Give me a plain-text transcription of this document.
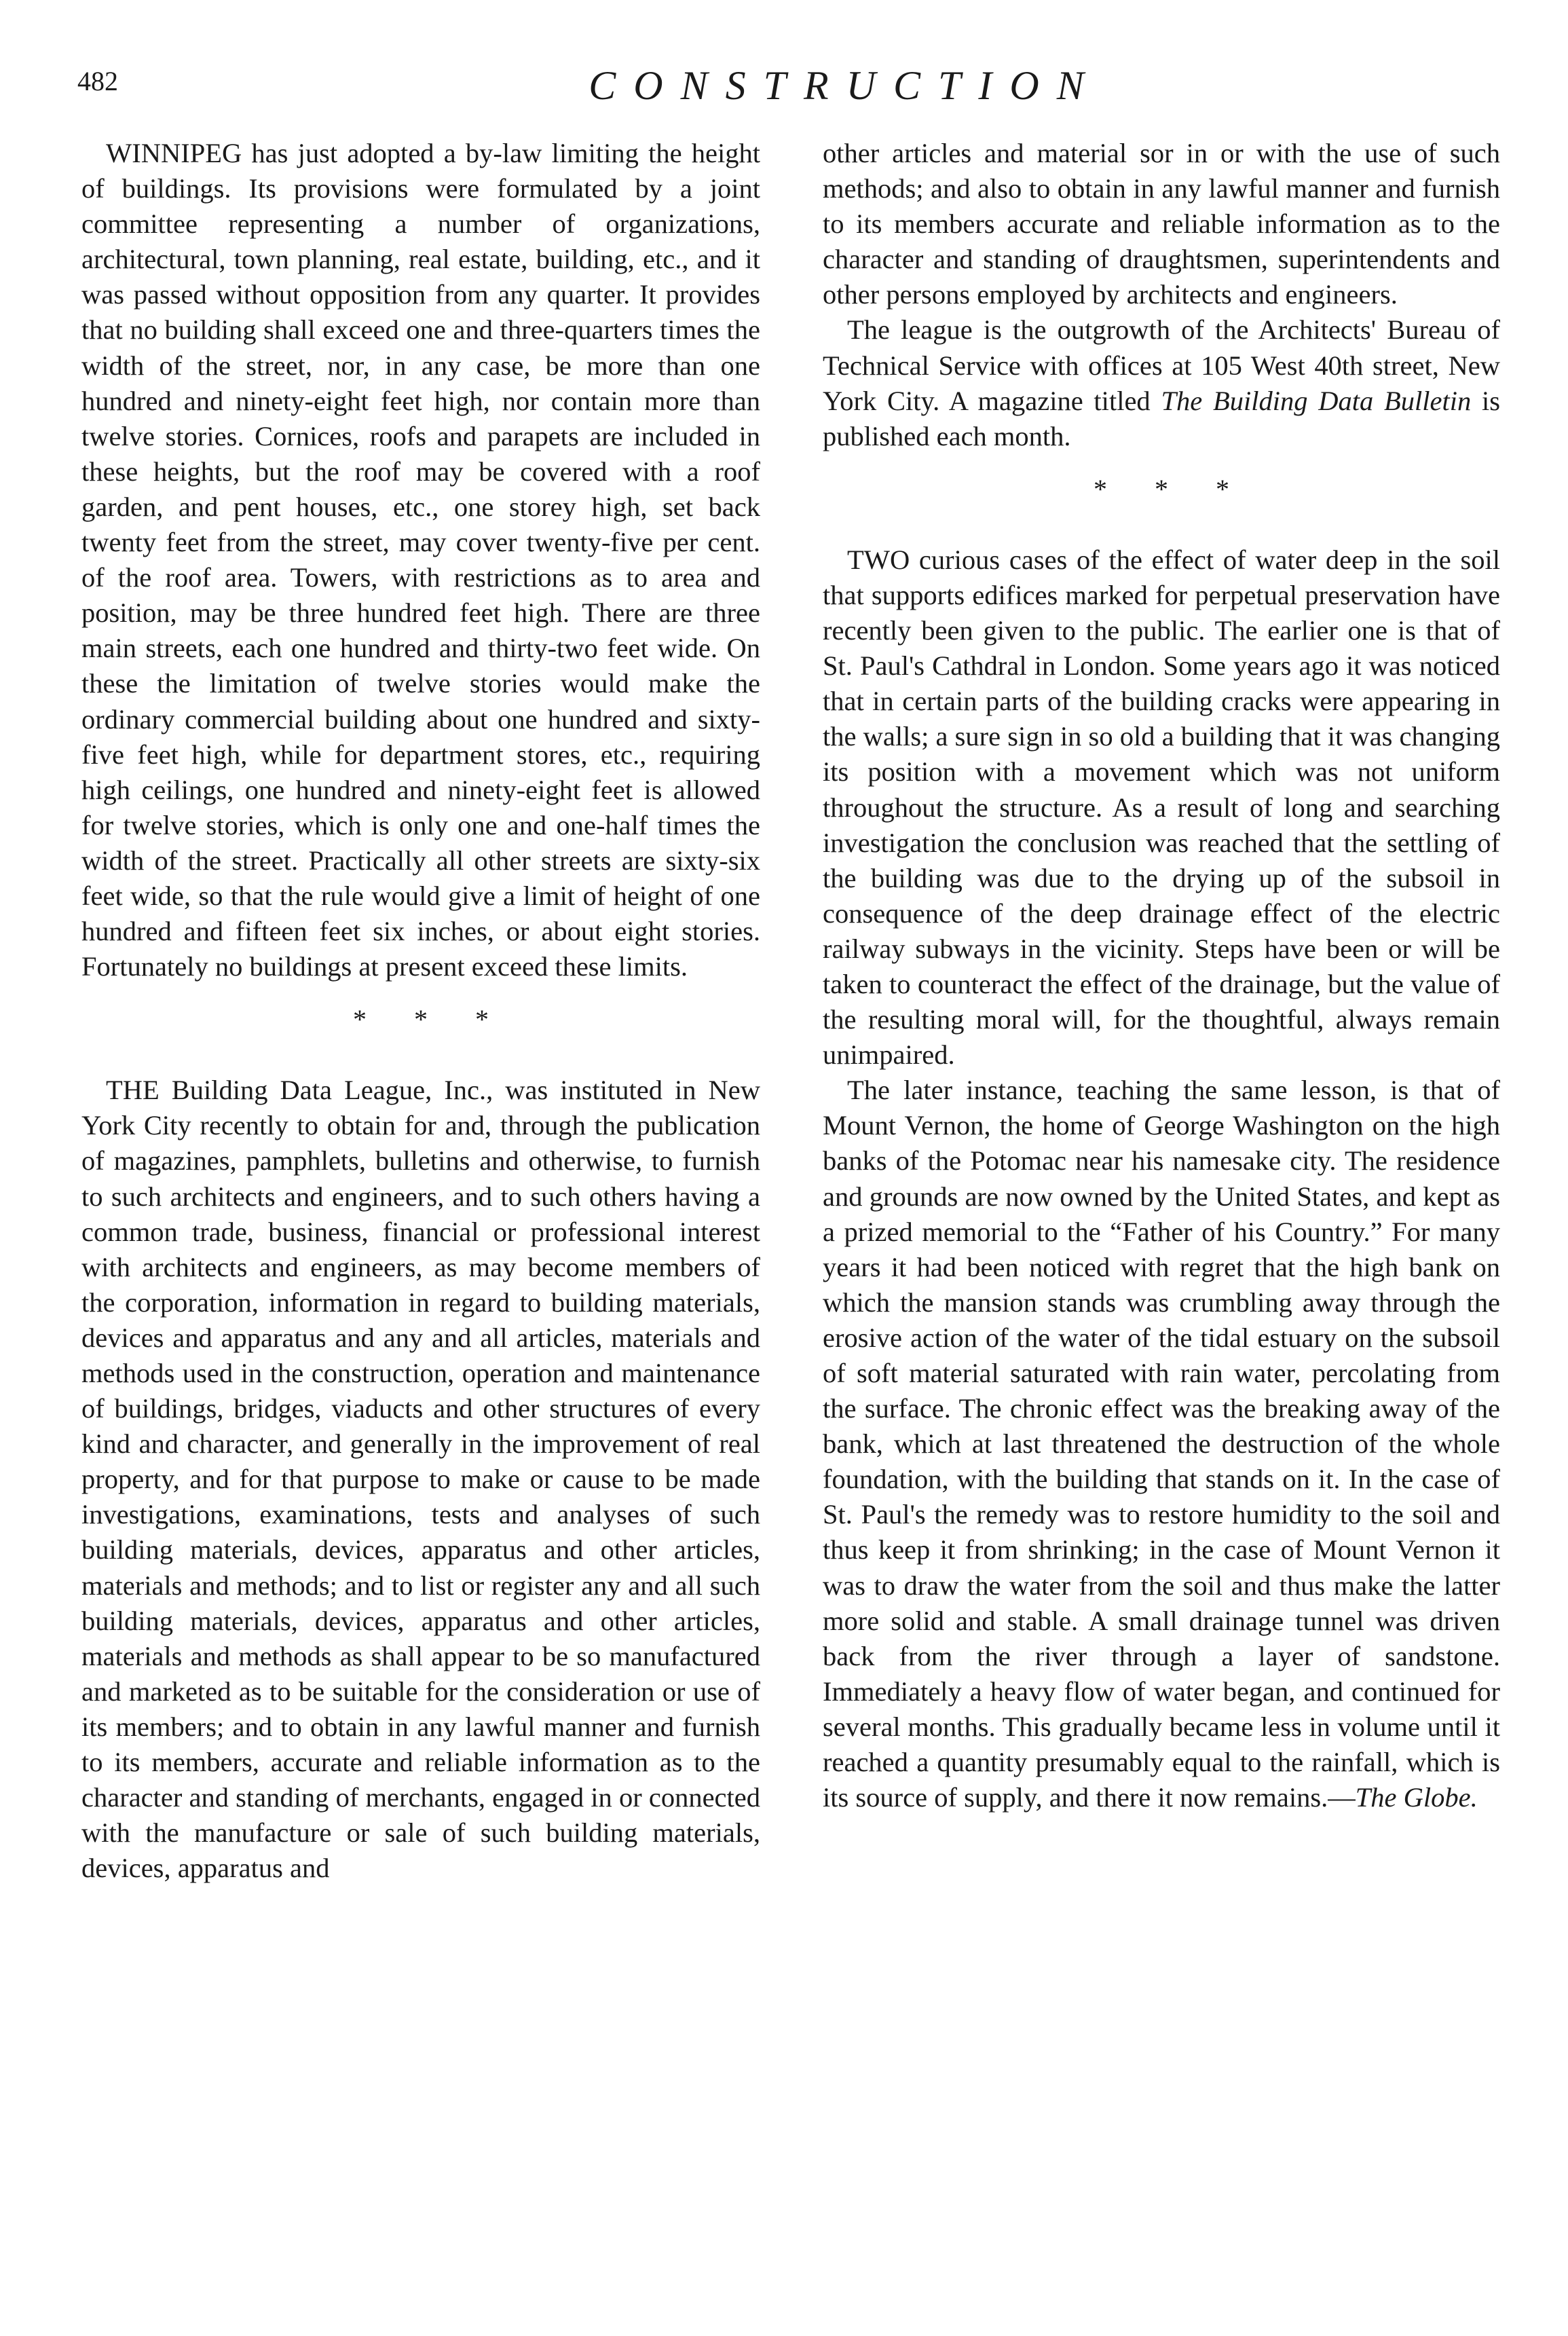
482	CONSTRUCTION

WINNIPEG has just adopted a by-law limiting the height of buildings. Its provisions were formulated by a joint committee representing a number of organizations, architectural, town planning, real estate, building, etc., and it was passed without opposition from any quarter. It provides that no building shall exceed one and three-quarters times the width of the street, nor, in any case, be more than one hundred and ninety-eight feet high, nor contain more than twelve stories. Cornices, roofs and parapets are included in these heights, but the roof may be covered with a roof garden, and pent houses, etc., one storey high, set back twenty feet from the street, may cover twenty-five per cent. of the roof area. Towers, with restrictions as to area and position, may be three hundred feet high. There are three main streets, each one hundred and thirty-two feet wide. On these the limitation of twelve stories would make the ordinary commercial building about one hundred and sixty-five feet high, while for department stores, etc., requiring high ceilings, one hundred and ninety-eight feet is allowed for twelve stories, which is only one and one-half times the width of the street. Practically all other streets are sixty-six feet wide, so that the rule would give a limit of height of one hundred and fifteen feet six inches, or about eight stories. Fortunately no buildings at present exceed these limits.

* * *

THE Building Data League, Inc., was instituted in New York City recently to obtain for and, through the publication of magazines, pamphlets, bulletins and otherwise, to furnish to such architects and engineers, and to such others having a common trade, business, financial or professional interest with architects and engineers, as may become members of the corporation, information in regard to building materials, devices and apparatus and any and all articles, materials and methods used in the construction, operation and maintenance of buildings, bridges, viaducts and other structures of every kind and character, and generally in the improvement of real property, and for that purpose to make or cause to be made investigations, examinations, tests and analyses of such building materials, devices, apparatus and other articles, materials and methods; and to list or register any and all such building materials, devices, apparatus and other articles, materials and methods as shall appear to be so manufactured and marketed as to be suitable for the consideration or use of its members; and to obtain in any lawful manner and furnish to its members, accurate and reliable information as to the character and standing of merchants, engaged in or connected with the manufacture or sale of such building materials, devices, apparatus and

other articles and material sor in or with the use of such methods; and also to obtain in any lawful manner and furnish to its members accurate and reliable information as to the character and standing of draughtsmen, superintendents and other persons employed by architects and engineers.

The league is the outgrowth of the Architects' Bureau of Technical Service with offices at 105 West 40th street, New York City. A magazine titled The Building Data Bulletin is published each month.

* * *

TWO curious cases of the effect of water deep in the soil that supports edifices marked for perpetual preservation have recently been given to the public. The earlier one is that of St. Paul's Cathdral in London. Some years ago it was noticed that in certain parts of the building cracks were appearing in the walls; a sure sign in so old a building that it was changing its position with a movement which was not uniform throughout the structure. As a result of long and searching investigation the conclusion was reached that the settling of the building was due to the drying up of the subsoil in consequence of the deep drainage effect of the electric railway subways in the vicinity. Steps have been or will be taken to counteract the effect of the drainage, but the value of the resulting moral will, for the thoughtful, always remain unimpaired.

The later instance, teaching the same lesson, is that of Mount Vernon, the home of George Washington on the high banks of the Potomac near his namesake city. The residence and grounds are now owned by the United States, and kept as a prized memorial to the “Father of his Country.” For many years it had been noticed with regret that the high bank on which the mansion stands was crumbling away through the erosive action of the water of the tidal estuary on the subsoil of soft material saturated with rain water, percolating from the surface. The chronic effect was the breaking away of the bank, which at last threatened the destruction of the whole foundation, with the building that stands on it. In the case of St. Paul's the remedy was to restore humidity to the soil and thus keep it from shrinking; in the case of Mount Vernon it was to draw the water from the soil and thus make the latter more solid and stable. A small drainage tunnel was driven back from the river through a layer of sandstone. Immediately a heavy flow of water began, and continued for several months. This gradually became less in volume until it reached a quantity presumably equal to the rainfall, which is its source of supply, and there it now remains.—The Globe.
